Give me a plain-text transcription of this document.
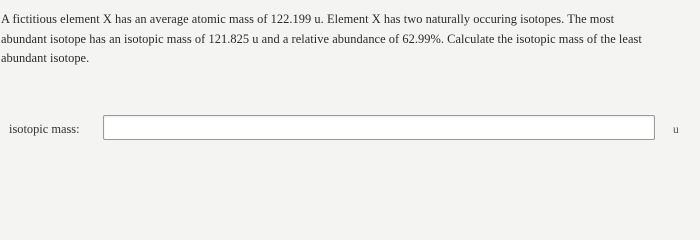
A fictitious element X has an average atomic mass of 122.199 u. Element X has two naturally occuring isotopes. The most
abundant isotope has an isotopic mass of 121.825 u and a relative abundance of 62.99%. Calculate the isotopic mass of the least
abundant isotope.
isotopic mass:	u
